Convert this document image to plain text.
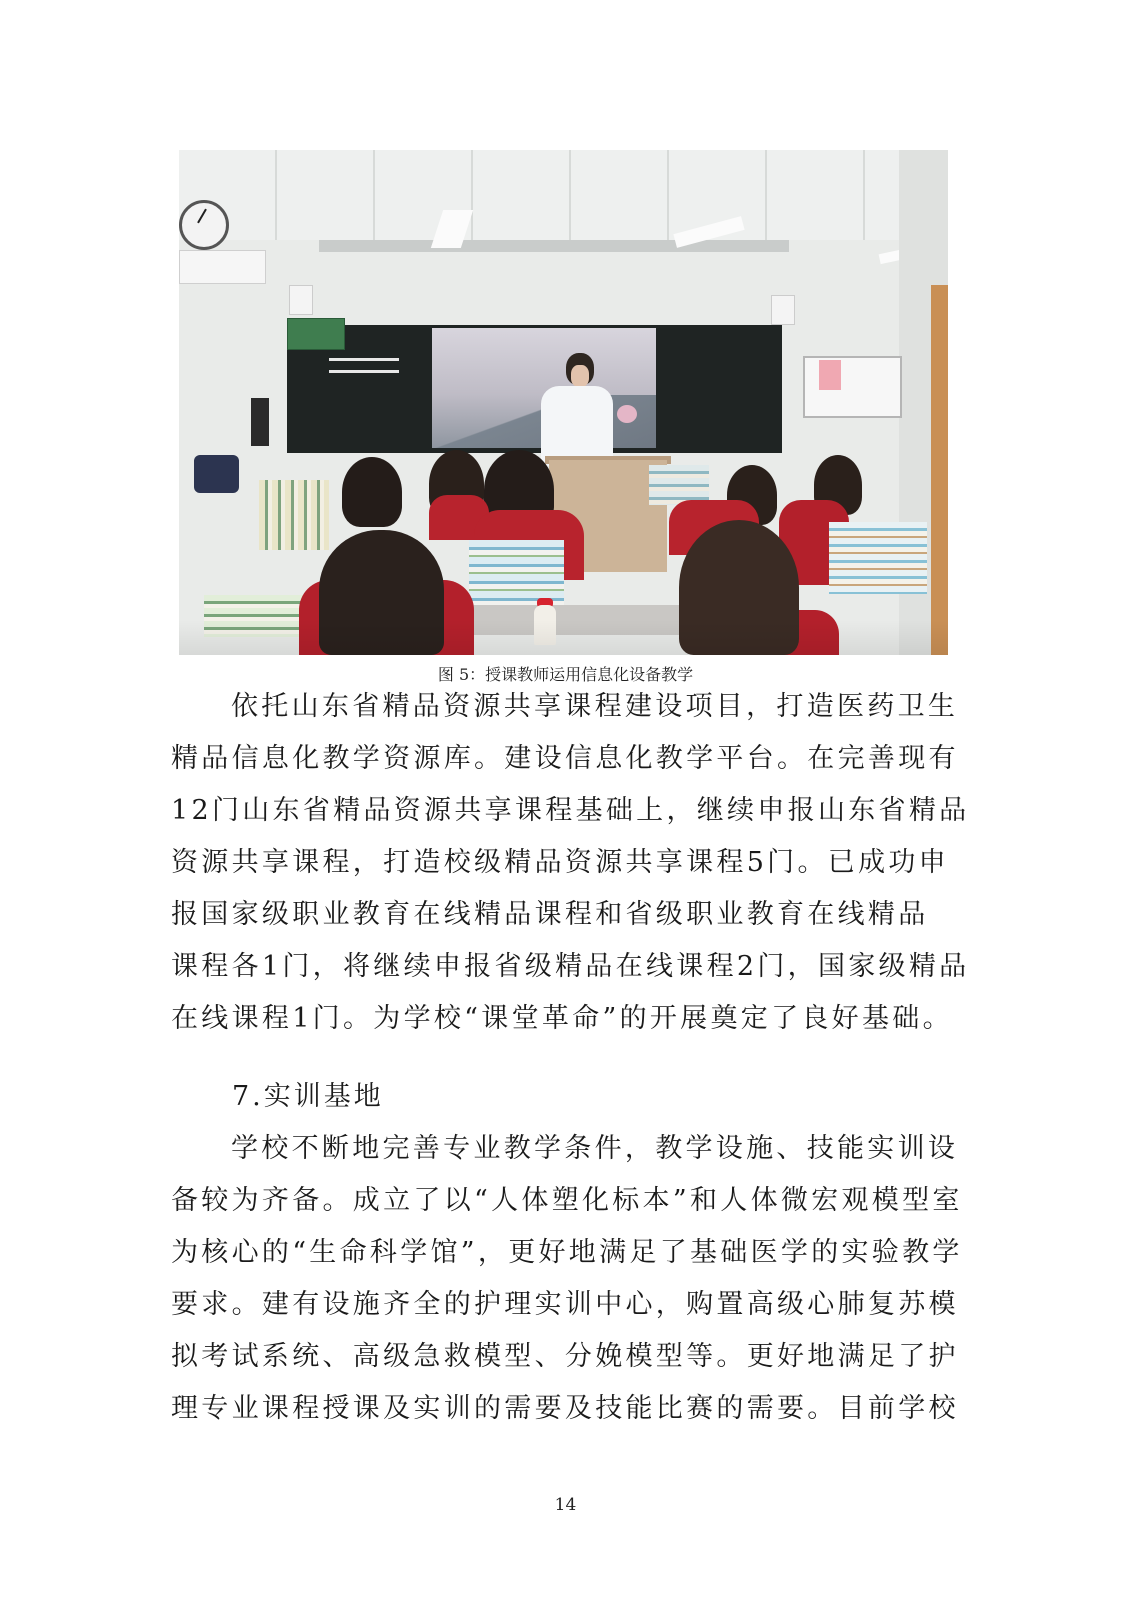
图 5：授课教师运用信息化设备教学

依托山东省精品资源共享课程建设项目，打造医药卫生
精品信息化教学资源库。建设信息化教学平台。在完善现有
12门山东省精品资源共享课程基础上，继续申报山东省精品
资源共享课程，打造校级精品资源共享课程5门。已成功申
报国家级职业教育在线精品课程和省级职业教育在线精品
课程各1门，将继续申报省级精品在线课程2门，国家级精品
在线课程1门。为学校“课堂革命”的开展奠定了良好基础。

7.实训基地

学校不断地完善专业教学条件，教学设施、技能实训设
备较为齐备。成立了以“人体塑化标本”和人体微宏观模型室
为核心的“生命科学馆”，更好地满足了基础医学的实验教学
要求。建有设施齐全的护理实训中心，购置高级心肺复苏模
拟考试系统、高级急救模型、分娩模型等。更好地满足了护
理专业课程授课及实训的需要及技能比赛的需要。目前学校

14
